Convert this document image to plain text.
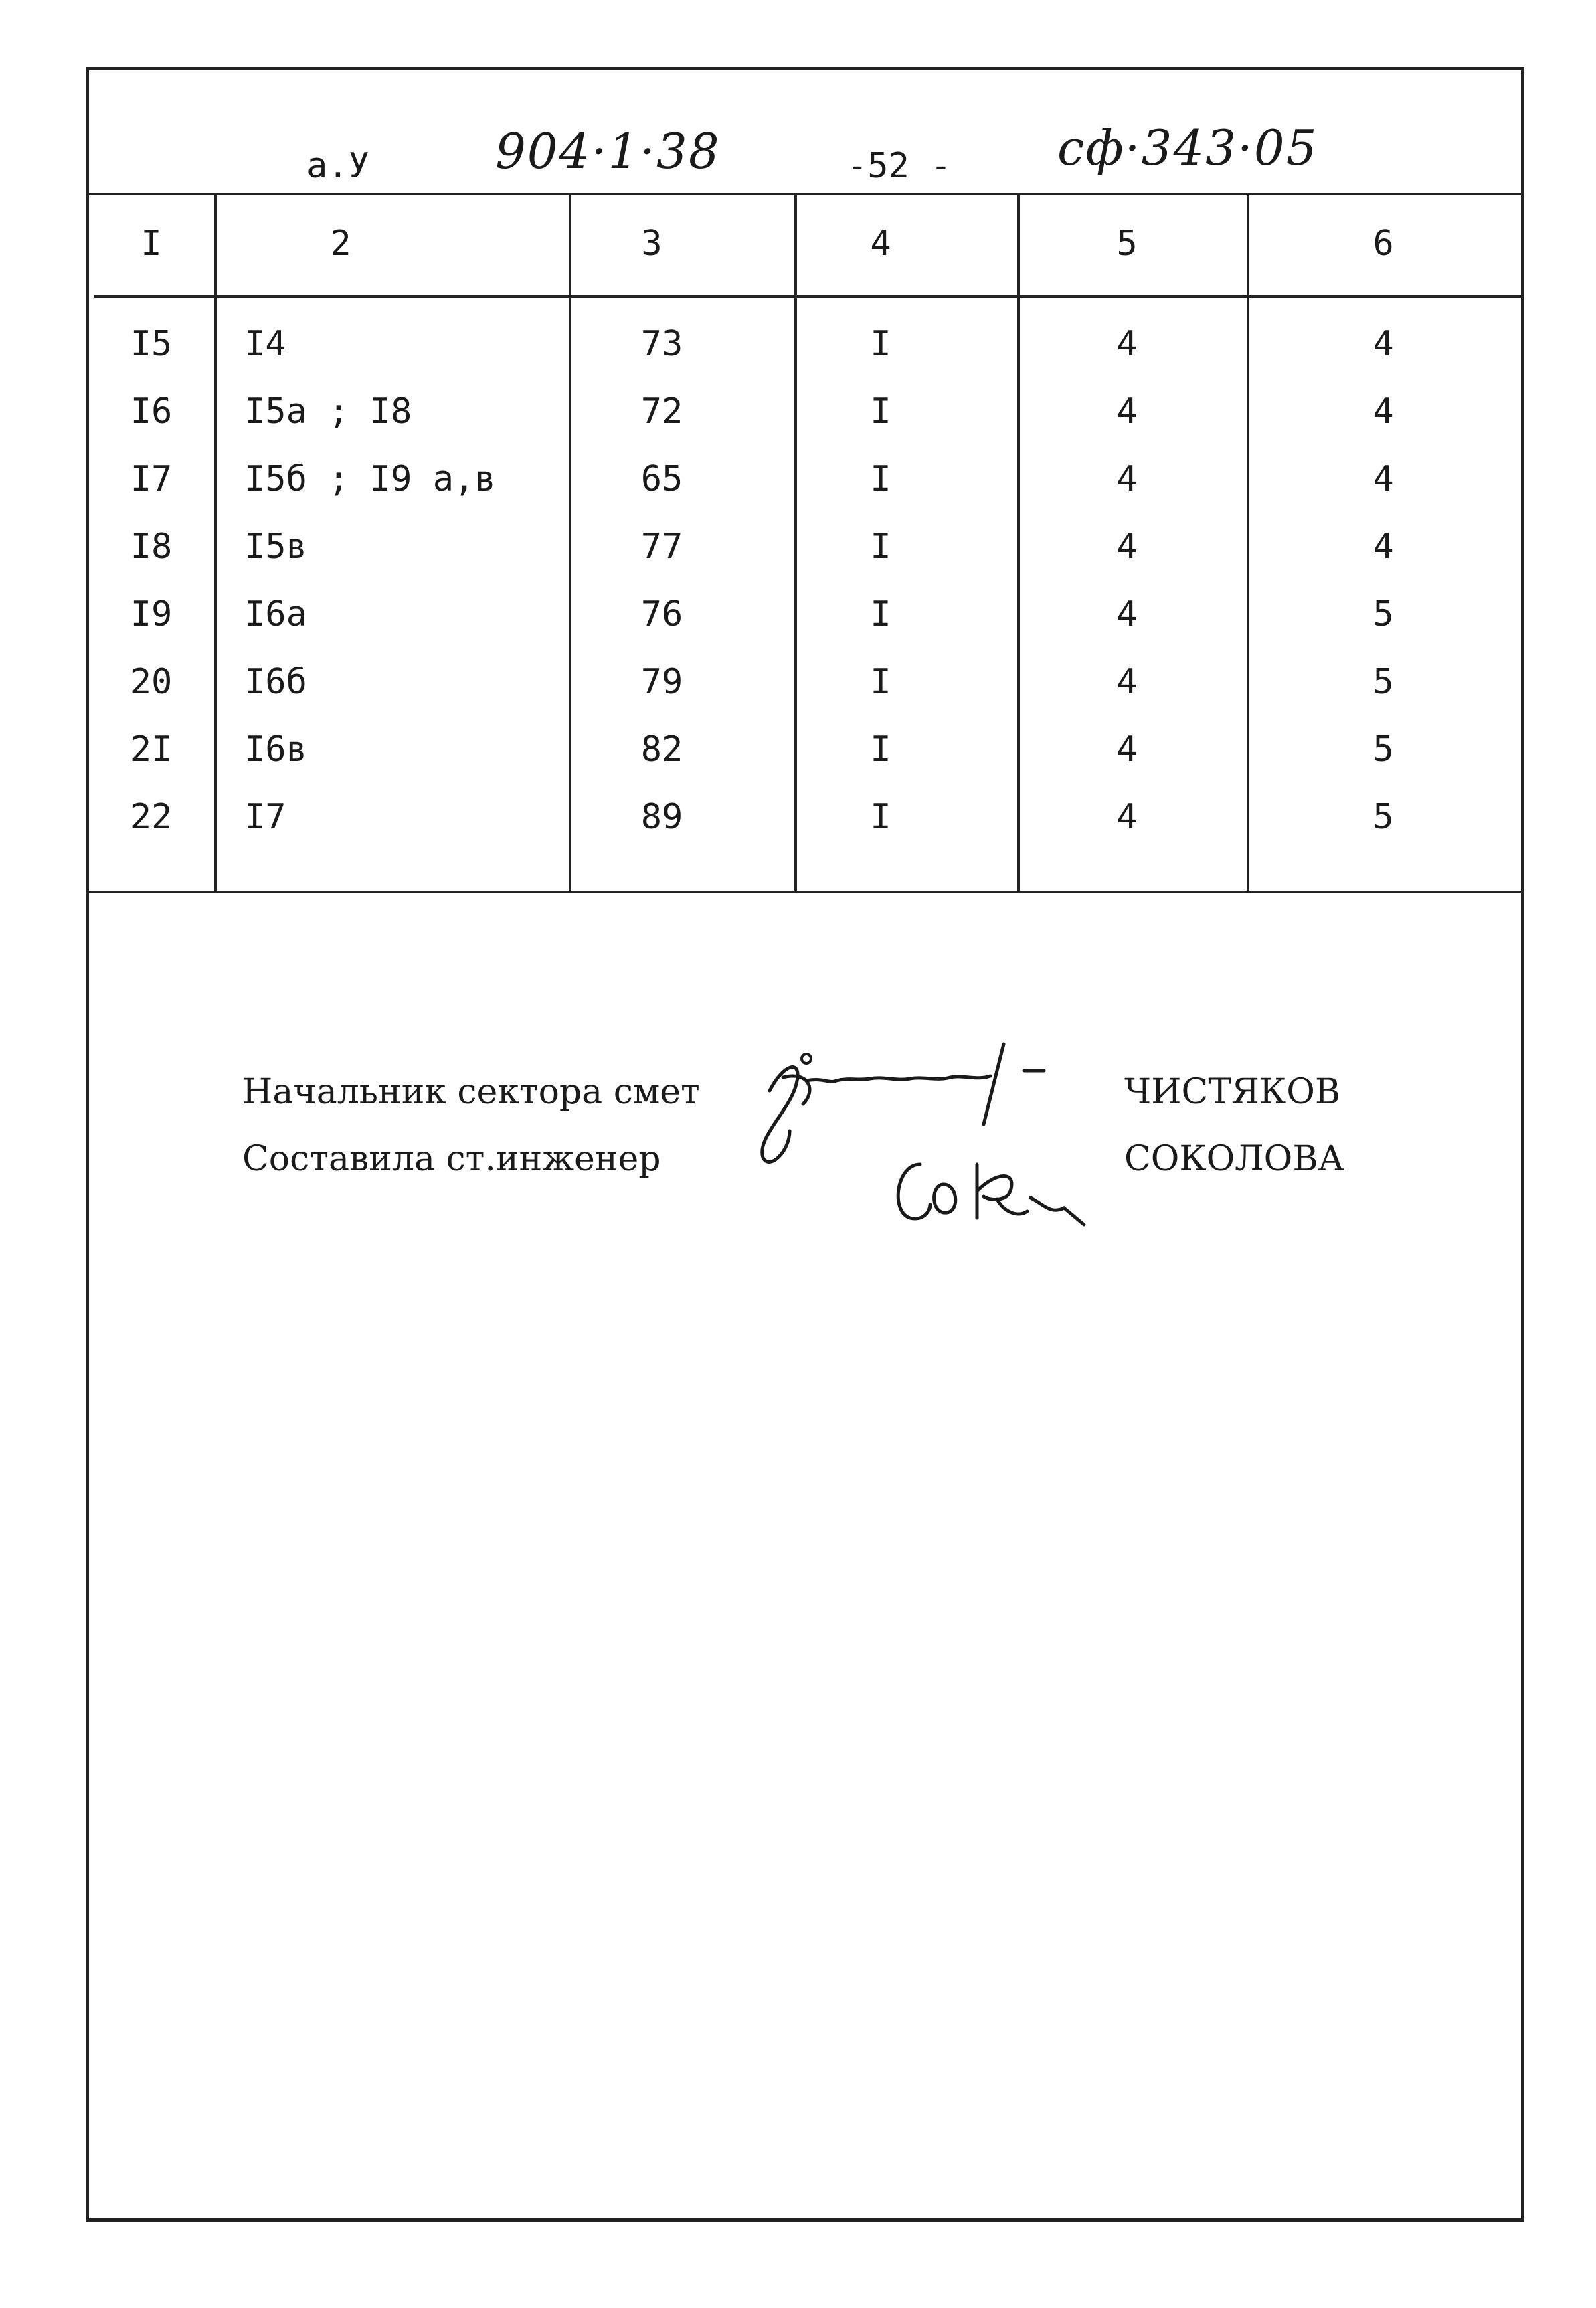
а.У	904·1·38	-52 - сф·343·05
I	2	3	4	5	6
I5	I4	73	I	4	4
I6	I5а ; I8	72	I	4	4
I7	I5б ; I9 а,в	65	I	4	4
I8	I5в	77	I	4	4
I9	I6а	76	I	4	5
20	I6б	79	I	4	5
2I	I6в	82	I	4	5
22	I7	89	I	4	5
Начальник сектора смет	ЧИСТЯКОВ
Составила ст.инженер	СОКОЛОВА
